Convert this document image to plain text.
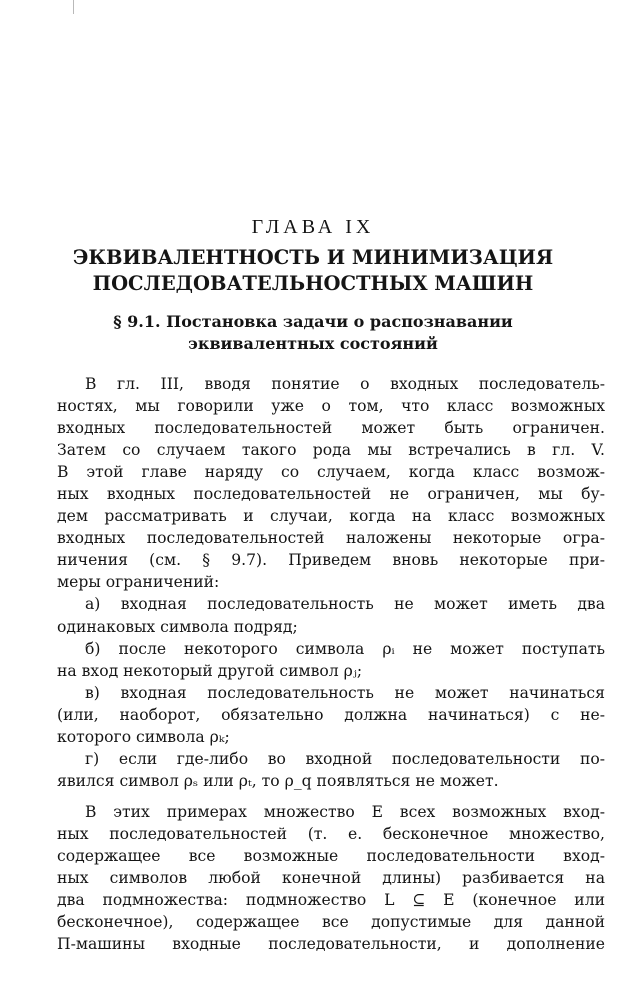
ГЛАВА IX
ЭКВИВАЛЕНТНОСТЬ И МИНИМИЗАЦИЯ
ПОСЛЕДОВАТЕЛЬНОСТНЫХ МАШИН
§ 9.1. Постановка задачи о распознавании
эквивалентных состояний
В гл. III, вводя понятие о входных последователь-
ностях, мы говорили уже о том, что класс возможных
входных последовательностей может быть ограничен.
Затем со случаем такого рода мы встречались в гл. V.
В этой главе наряду со случаем, когда класс возмож-
ных входных последовательностей не ограничен, мы бу-
дем рассматривать и случаи, когда на класс возможных
входных последовательностей наложены некоторые огра-
ничения (см. § 9.7). Приведем вновь некоторые при-
меры ограничений:
а) входная последовательность не может иметь два
одинаковых символа подряд;
б) после некоторого символа ρᵢ не может поступать
на вход некоторый другой символ ρⱼ;
в) входная последовательность не может начинаться
(или, наоборот, обязательно должна начинаться) с не-
которого символа ρₖ;
г) если где-либо во входной последовательности по-
явился символ ρₛ или ρₜ, то ρ_q появляться не может.
В этих примерах множество E всех возможных вход-
ных последовательностей (т. е. бесконечное множество,
содержащее все возможные последовательности вход-
ных символов любой конечной длины) разбивается на
два подмножества: подмножество L ⊆ E (конечное или
бесконечное), содержащее все допустимые для данной
П-машины входные последовательности, и дополнение
